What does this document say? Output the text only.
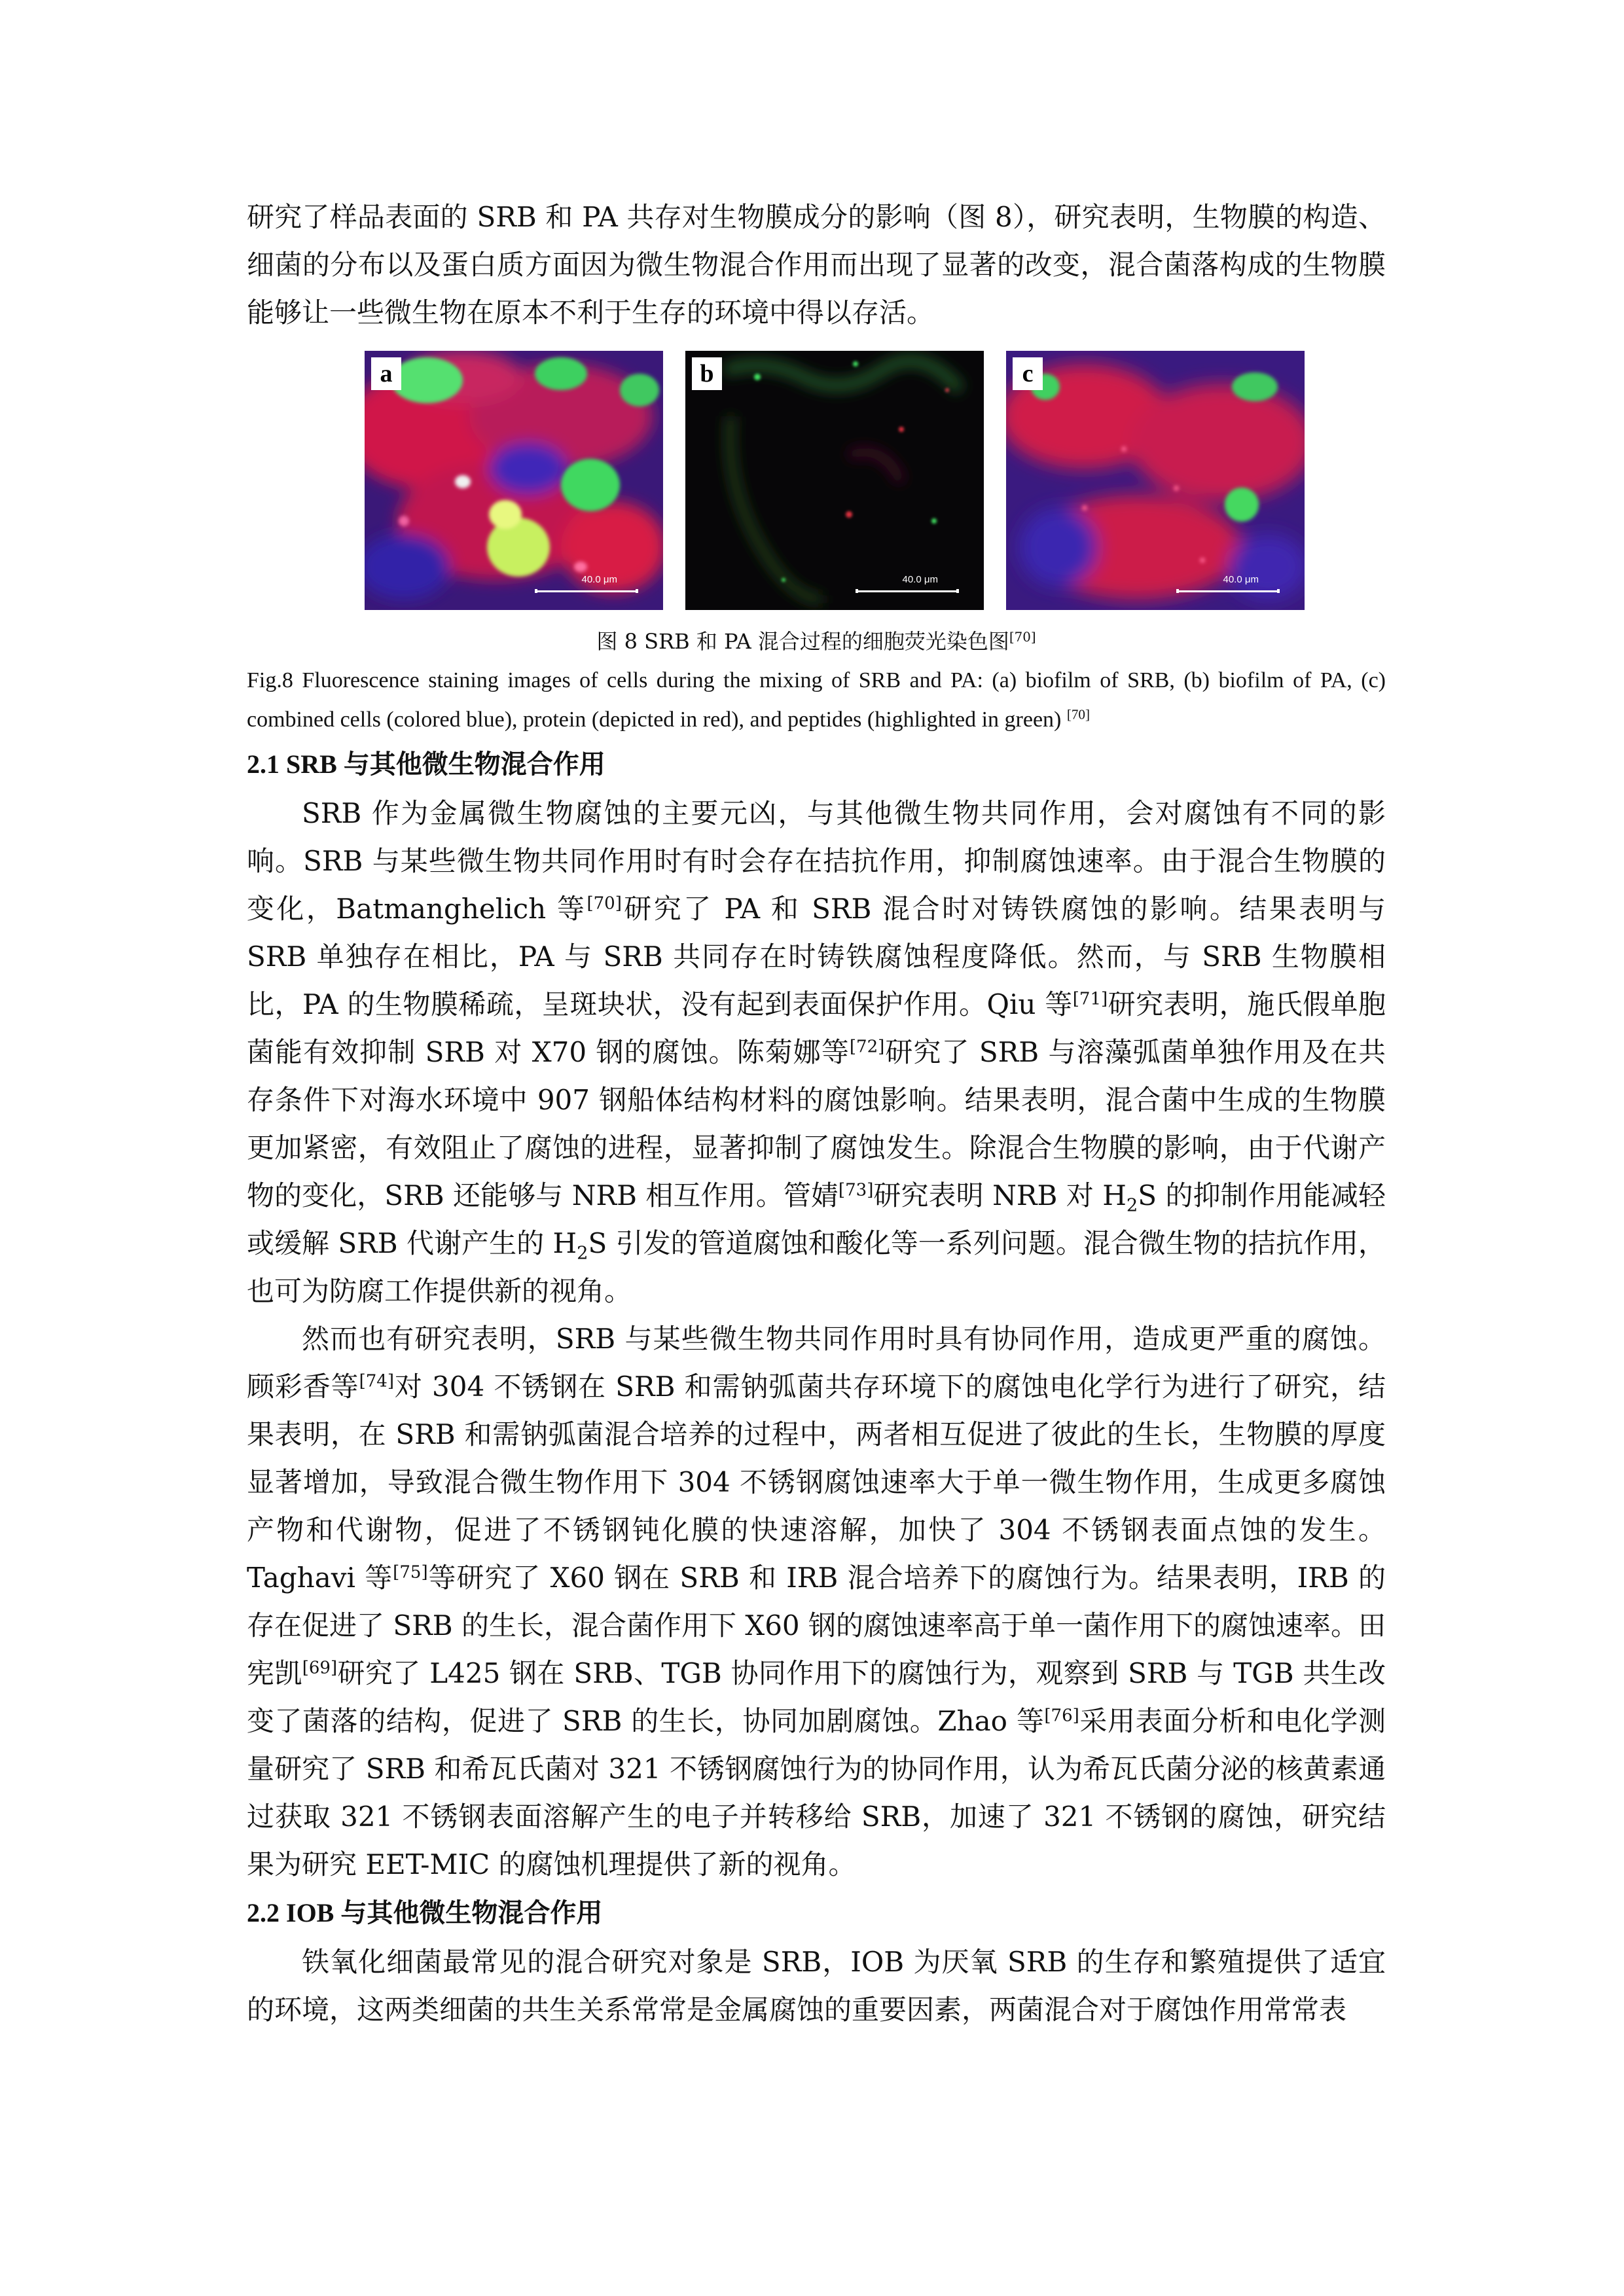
研究了样品表面的 SRB 和 PA 共存对生物膜成分的影响（图 8），研究表明，生物膜的构造、细菌的分布以及蛋白质方面因为微生物混合作用而出现了显著的改变，混合菌落构成的生物膜能够让一些微生物在原本不利于生存的环境中得以存活。

a
40.0 μm
b
40.0 μm
c
40.0 μm

图 8 SRB 和 PA 混合过程的细胞荧光染色图[70]

Fig.8 Fluorescence staining images of cells during the mixing of SRB and PA: (a) biofilm of SRB, (b) biofilm of PA, (c) combined cells (colored blue), protein (depicted in red), and peptides (highlighted in green) [70]

2.1 SRB 与其他微生物混合作用

SRB 作为金属微生物腐蚀的主要元凶，与其他微生物共同作用，会对腐蚀有不同的影响。SRB 与某些微生物共同作用时有时会存在拮抗作用，抑制腐蚀速率。由于混合生物膜的变化，Batmanghelich 等[70]研究了 PA 和 SRB 混合时对铸铁腐蚀的影响。结果表明与 SRB 单独存在相比，PA 与 SRB 共同存在时铸铁腐蚀程度降低。然而，与 SRB 生物膜相比，PA 的生物膜稀疏，呈斑块状，没有起到表面保护作用。Qiu 等[71]研究表明，施氏假单胞菌能有效抑制 SRB 对 X70 钢的腐蚀。陈菊娜等[72]研究了 SRB 与溶藻弧菌单独作用及在共存条件下对海水环境中 907 钢船体结构材料的腐蚀影响。结果表明，混合菌中生成的生物膜更加紧密，有效阻止了腐蚀的进程，显著抑制了腐蚀发生。除混合生物膜的影响，由于代谢产物的变化，SRB 还能够与 NRB 相互作用。管婧[73]研究表明 NRB 对 $H_2S$ 的抑制作用能减轻或缓解 SRB 代谢产生的 $H_2S$ 引发的管道腐蚀和酸化等一系列问题。混合微生物的拮抗作用，也可为防腐工作提供新的视角。

然而也有研究表明，SRB 与某些微生物共同作用时具有协同作用，造成更严重的腐蚀。顾彩香等[74]对 304 不锈钢在 SRB 和需钠弧菌共存环境下的腐蚀电化学行为进行了研究，结果表明，在 SRB 和需钠弧菌混合培养的过程中，两者相互促进了彼此的生长，生物膜的厚度显著增加，导致混合微生物作用下 304 不锈钢腐蚀速率大于单一微生物作用，生成更多腐蚀产物和代谢物，促进了不锈钢钝化膜的快速溶解，加快了 304 不锈钢表面点蚀的发生。Taghavi 等[75]等研究了 X60 钢在 SRB 和 IRB 混合培养下的腐蚀行为。结果表明，IRB 的存在促进了 SRB 的生长，混合菌作用下 X60 钢的腐蚀速率高于单一菌作用下的腐蚀速率。田宪凯[69]研究了 L425 钢在 SRB、TGB 协同作用下的腐蚀行为，观察到 SRB 与 TGB 共生改变了菌落的结构，促进了 SRB 的生长，协同加剧腐蚀。Zhao 等[76]采用表面分析和电化学测量研究了 SRB 和希瓦氏菌对 321 不锈钢腐蚀行为的协同作用，认为希瓦氏菌分泌的核黄素通过获取 321 不锈钢表面溶解产生的电子并转移给 SRB，加速了 321 不锈钢的腐蚀，研究结果为研究 EET-MIC 的腐蚀机理提供了新的视角。

2.2 IOB 与其他微生物混合作用

铁氧化细菌最常见的混合研究对象是 SRB，IOB 为厌氧 SRB 的生存和繁殖提供了适宜的环境，这两类细菌的共生关系常常是金属腐蚀的重要因素，两菌混合对于腐蚀作用常常表
